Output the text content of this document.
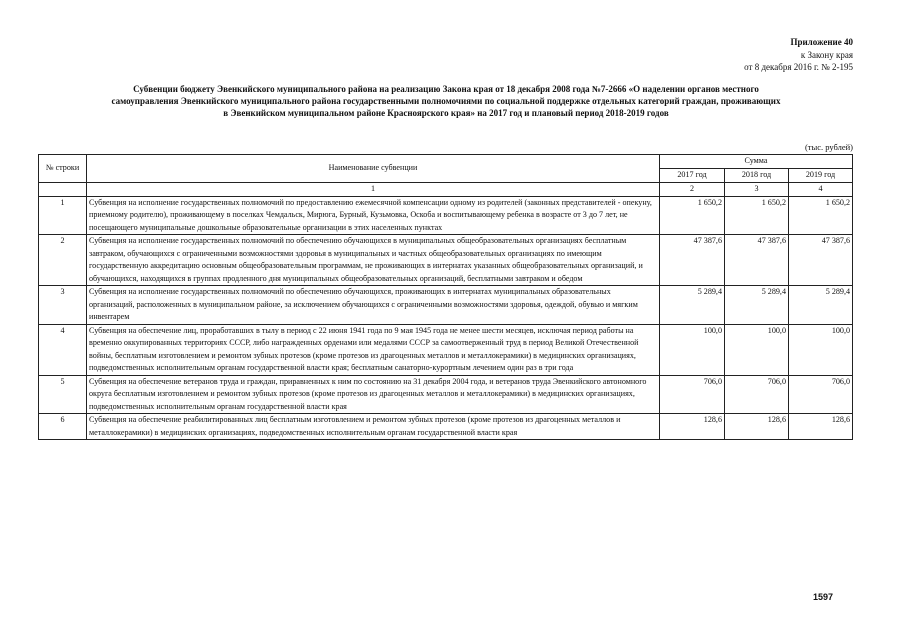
Приложение 40
к Закону края
от 8 декабря 2016 г. № 2-195
Субвенции бюджету Эвенкийского муниципального района на реализацию Закона края от 18 декабря 2008 года №7-2666 «О наделении органов местного
самоуправления Эвенкийского муниципального района государственными полномочиями по социальной поддержке отдельных категорий граждан, проживающих
в Эвенкийском муниципальном районе Красноярского края» на 2017 год и плановый период 2018-2019 годов
(тыс. рублей)
№ строки	Наименование субвенции	Сумма		
		2017 год	2018 год	2019 год
	1	2	3	4
1	Субвенция на исполнение государственных полномочий по предоставлению ежемесячной компенсации одному из родителей (законных представителей - опекуну, приемному родителю), проживающему в поселках Чемдальск, Мирюга, Бурный, Кузьмовка, Оскоба и воспитывающему ребенка в возрасте от 3 до 7 лет, не посещающего муниципальные дошкольные образовательные организации в этих населенных пунктах	1 650,2	1 650,2	1 650,2
2	Субвенция на исполнение государственных полномочий по обеспечению обучающихся в муниципальных общеобразовательных организациях бесплатным завтраком, обучающихся с ограниченными возможностями здоровья в муниципальных и частных общеобразовательных организациях по имеющим государственную аккредитацию основным общеобразовательным программам, не проживающих в интернатах указанных общеобразовательных организаций, и обучающихся, находящихся в группах продленного дня муниципальных общеобразовательных организаций, бесплатными завтраком и обедом	47 387,6	47 387,6	47 387,6
3	Субвенция на исполнение государственных полномочий по обеспечению обучающихся, проживающих в интернатах муниципальных образовательных организаций, расположенных в муниципальном районе, за исключением обучающихся с ограниченными возможностями здоровья, одеждой, обувью и мягким инвентарем	5 289,4	5 289,4	5 289,4
4	Субвенция на обеспечение лиц, проработавших в тылу в период с 22 июня 1941 года по 9 мая 1945 года не менее шести месяцев, исключая период работы на временно оккупированных территориях СССР, либо награжденных орденами или медалями СССР за самоотверженный труд в период Великой Отечественной войны, бесплатным изготовлением и ремонтом зубных протезов (кроме протезов из драгоценных металлов и металлокерамики) в медицинских организациях, подведомственных исполнительным органам государственной власти края; бесплатным санаторно-курортным лечением один раз в три года	100,0	100,0	100,0
5	Субвенция на обеспечение ветеранов труда и граждан, приравненных к ним по состоянию на 31 декабря 2004 года, и ветеранов труда Эвенкийского автономного округа бесплатным изготовлением и ремонтом зубных протезов (кроме протезов из драгоценных металлов и металлокерамики) в медицинских организациях, подведомственных исполнительным органам государственной власти края	706,0	706,0	706,0
6	Субвенция на обеспечение реабилитированных лиц бесплатным изготовлением и ремонтом зубных протезов (кроме протезов из драгоценных металлов и металлокерамики) в медицинских организациях, подведомственных исполнительным органам государственной власти края	128,6	128,6	128,6
1597
